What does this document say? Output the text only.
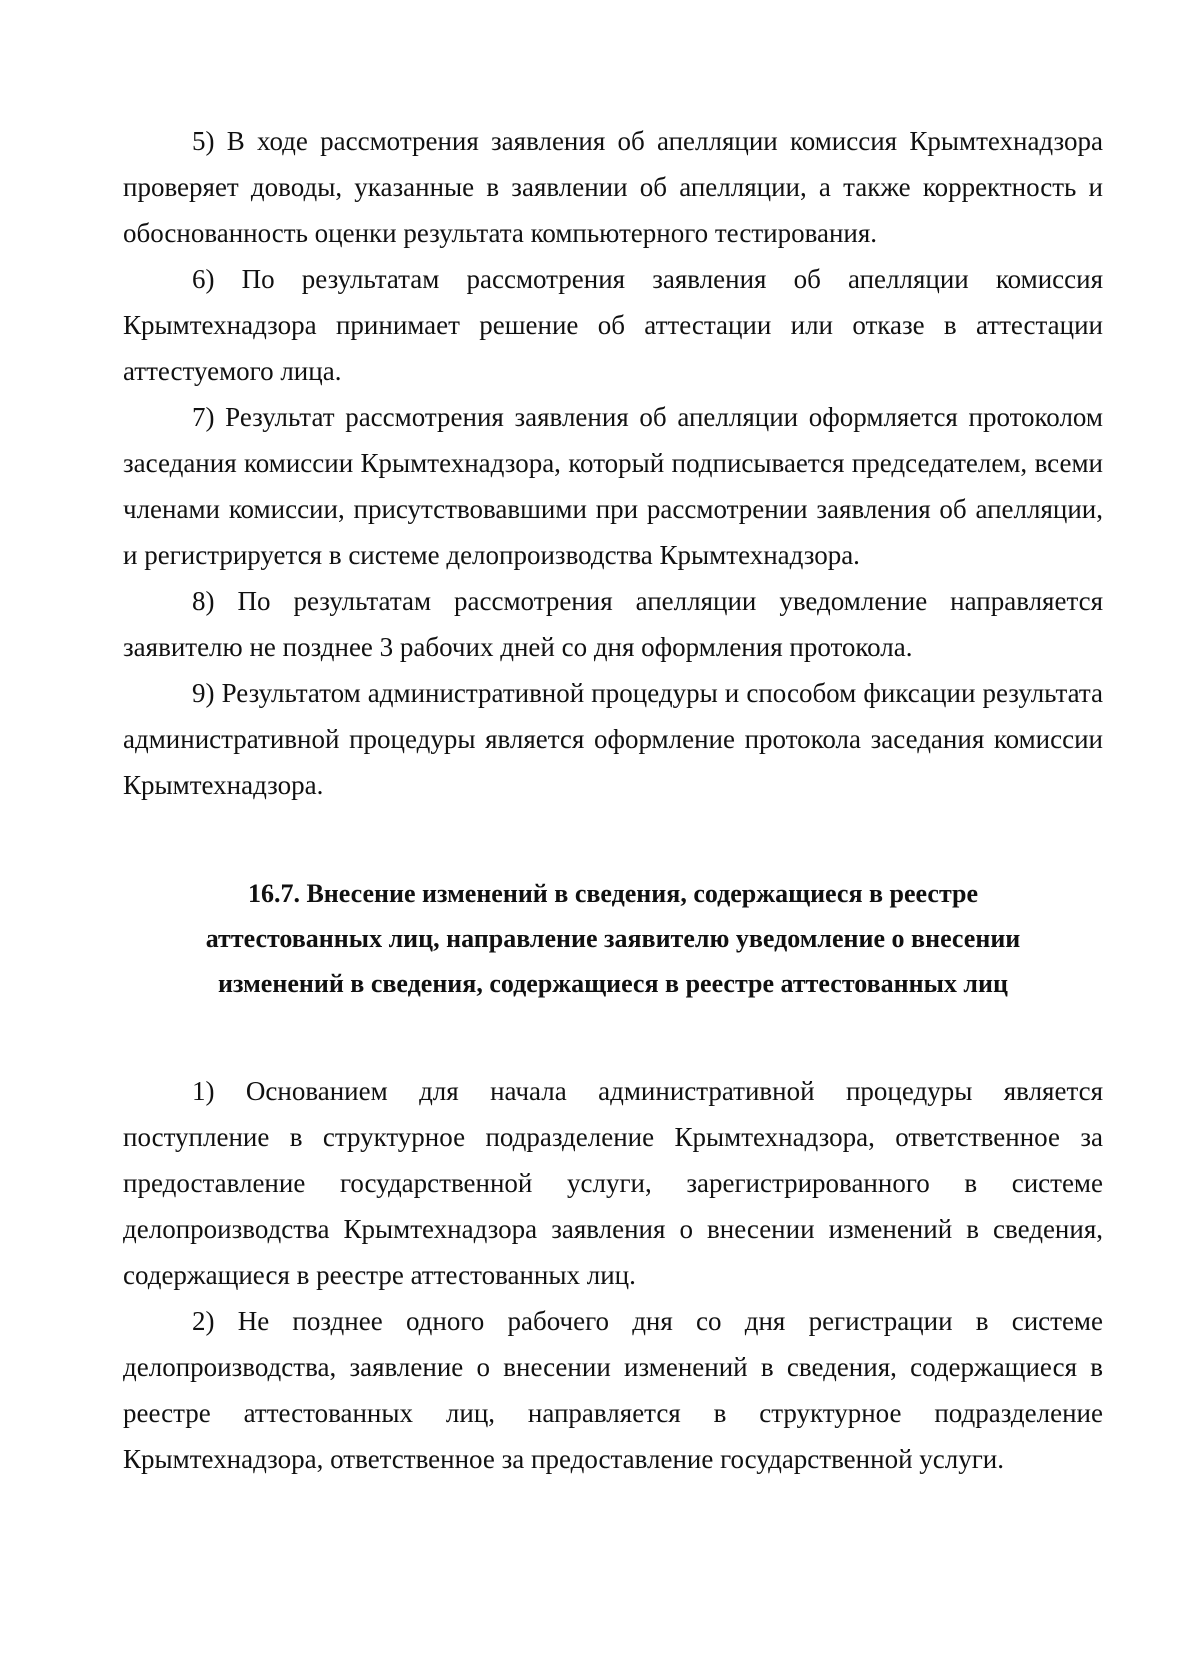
5) В ходе рассмотрения заявления об апелляции комиссия Крымтехнадзора проверяет доводы, указанные в заявлении об апелляции, а также корректность и обоснованность оценки результата компьютерного тестирования.

6) По результатам рассмотрения заявления об апелляции комиссия Крымтехнадзора принимает решение об аттестации или отказе в аттестации аттестуемого лица.

7) Результат рассмотрения заявления об апелляции оформляется протоколом заседания комиссии Крымтехнадзора, который подписывается председателем, всеми членами комиссии, присутствовавшими при рассмотрении заявления об апелляции, и регистрируется в системе делопроизводства Крымтехнадзора.

8) По результатам рассмотрения апелляции уведомление направляется заявителю не позднее 3 рабочих дней со дня оформления протокола.

9) Результатом административной процедуры и способом фиксации результата административной процедуры является оформление протокола заседания комиссии Крымтехнадзора.

16.7. Внесение изменений в сведения, содержащиеся в реестре аттестованных лиц, направление заявителю уведомление о внесении изменений в сведения, содержащиеся в реестре аттестованных лиц

1) Основанием для начала административной процедуры является поступление в структурное подразделение Крымтехнадзора, ответственное за предоставление государственной услуги, зарегистрированного в системе делопроизводства Крымтехнадзора заявления о внесении изменений в сведения, содержащиеся в реестре аттестованных лиц.

2) Не позднее одного рабочего дня со дня регистрации в системе делопроизводства, заявление о внесении изменений в сведения, содержащиеся в реестре аттестованных лиц, направляется в структурное подразделение Крымтехнадзора, ответственное за предоставление государственной услуги.
